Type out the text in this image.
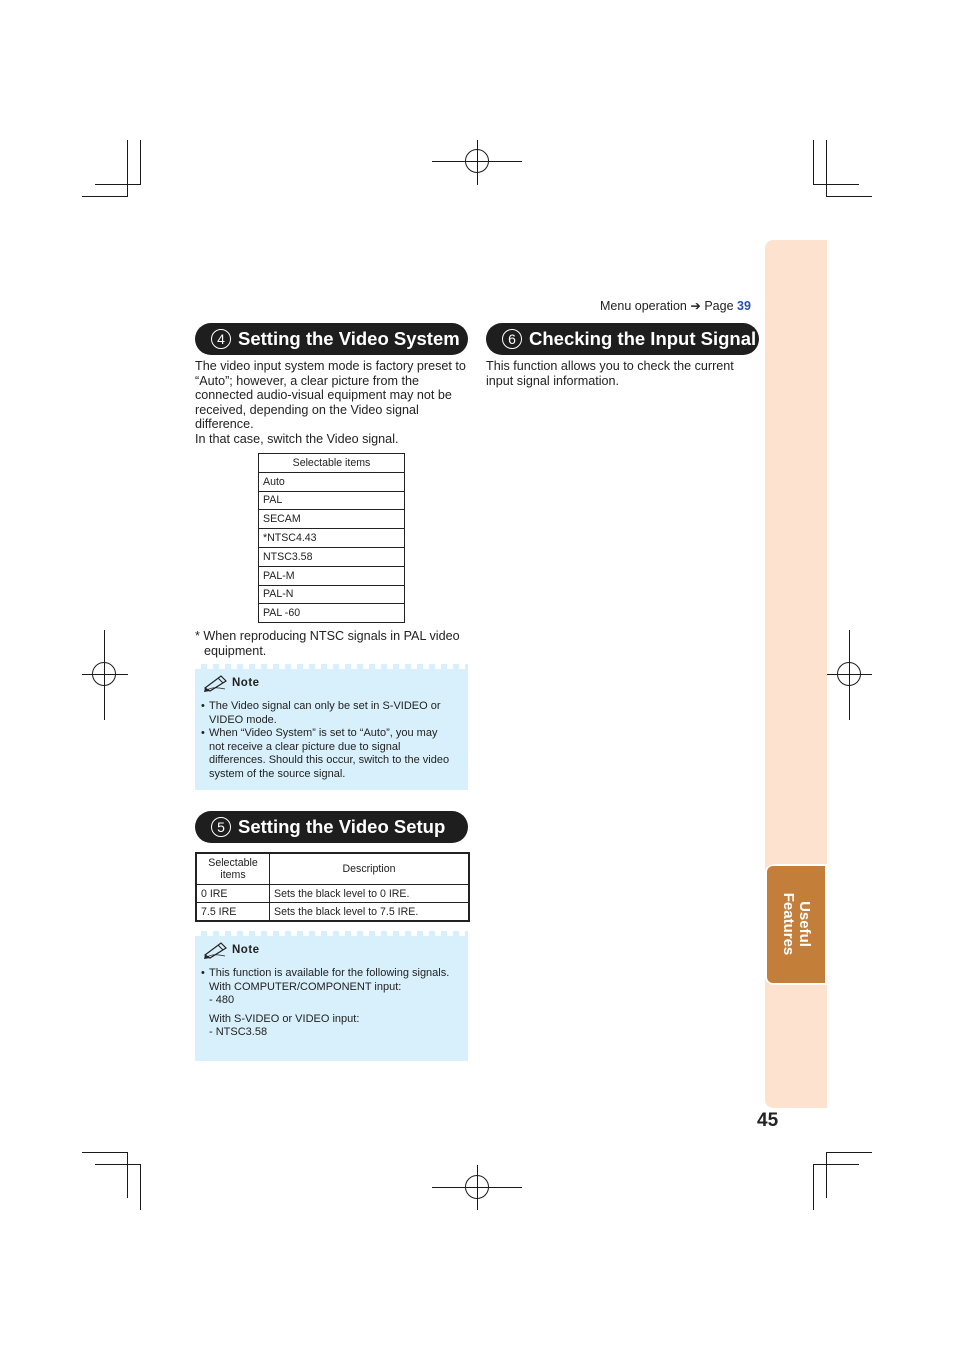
Useful
Features
Menu operation ➔ Page 39
4 Setting the Video System
The video input system mode is factory preset to “Auto”; however, a clear picture from the connected audio-visual equipment may not be received, depending on the Video signal difference.
In that case, switch the Video signal.
Selectable items
Auto
PAL
SECAM
*NTSC4.43
NTSC3.58
PAL-M
PAL-N
PAL -60
* When reproducing NTSC signals in PAL video equipment.
Note
• The Video signal can only be set in S-VIDEO or VIDEO mode.
• When “Video System” is set to “Auto”, you may not receive a clear picture due to signal differences. Should this occur, switch to the video system of the source signal.
5 Setting the Video Setup
Selectable items	Description
0 IRE	Sets the black level to 0 IRE.
7.5 IRE	Sets the black level to 7.5 IRE.
Note
• This function is available for the following signals.
With COMPUTER/COMPONENT input:
- 480
With S-VIDEO or VIDEO input:
- NTSC3.58
6 Checking the Input Signal
This function allows you to check the current input signal information.
45
